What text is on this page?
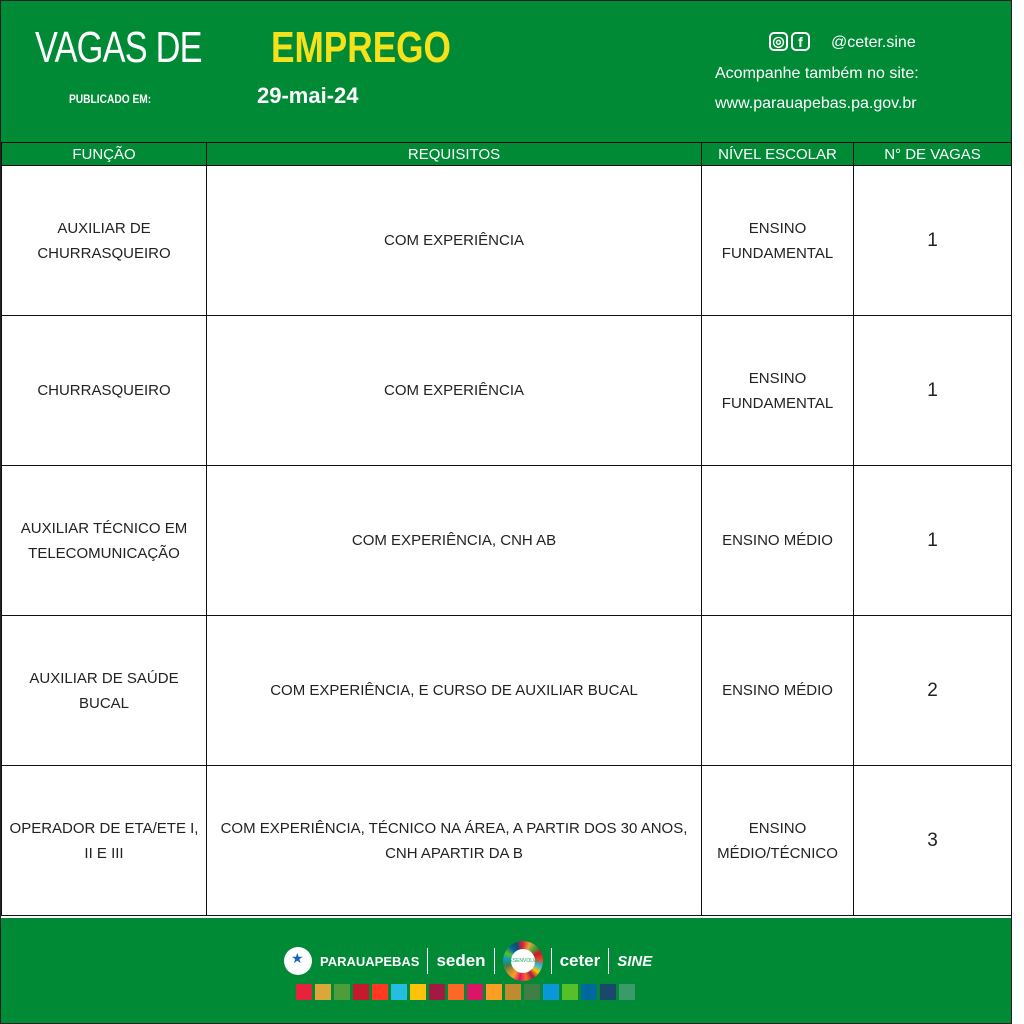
VAGAS DE EMPREGO
PUBLICADO EM:	29-mai-24
◎ f	@ceter.sine
Acompanhe também no site:
www.parauapebas.pa.gov.br
FUNÇÃO	REQUISITOS	NÍVEL ESCOLAR	N° DE VAGAS
AUXILIAR DE CHURRASQUEIRO	COM EXPERIÊNCIA	ENSINO FUNDAMENTAL	1
CHURRASQUEIRO	COM EXPERIÊNCIA	ENSINO FUNDAMENTAL	1
AUXILIAR TÉCNICO EM TELECOMUNICAÇÃO	COM EXPERIÊNCIA, CNH AB	ENSINO MÉDIO	1
AUXILIAR DE SAÚDE BUCAL	COM EXPERIÊNCIA, E CURSO DE AUXILIAR BUCAL	ENSINO MÉDIO	2
OPERADOR DE ETA/ETE I, II E III	COM EXPERIÊNCIA, TÉCNICO NA ÁREA, A PARTIR DOS 30 ANOS, CNH APARTIR DA B	ENSINO MÉDIO/TÉCNICO	3
★ PARAUAPEBAS seden	DESENVOLVE ceter SINE
